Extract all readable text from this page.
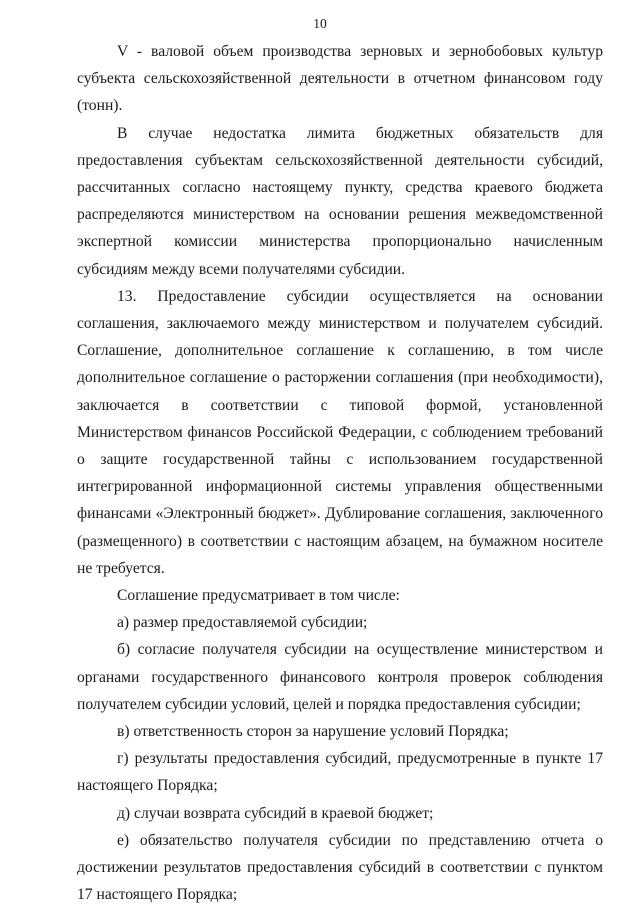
10

V - валовой объем производства зерновых и зернобобовых культур субъекта сельскохозяйственной деятельности в отчетном финансовом году (тонн).

В случае недостатка лимита бюджетных обязательств для предоставления субъектам сельскохозяйственной деятельности субсидий, рассчитанных согласно настоящему пункту, средства краевого бюджета распределяются министерством на основании решения межведомственной экспертной комиссии министерства пропорционально начисленным субсидиям между всеми получателями субсидии.

13. Предоставление субсидии осуществляется на основании соглашения, заключаемого между министерством и получателем субсидий. Соглашение, дополнительное соглашение к соглашению, в том числе дополнительное соглашение о расторжении соглашения (при необходимости), заключается в соответствии с типовой формой, установленной Министерством финансов Российской Федерации, с соблюдением требований о защите государственной тайны с использованием государственной интегрированной информационной системы управления общественными финансами «Электронный бюджет». Дублирование соглашения, заключенного (размещенного) в соответствии с настоящим абзацем, на бумажном носителе не требуется.

Соглашение предусматривает в том числе:

а) размер предоставляемой субсидии;

б) согласие получателя субсидии на осуществление министерством и органами государственного финансового контроля проверок соблюдения получателем субсидии условий, целей и порядка предоставления субсидии;

в) ответственность сторон за нарушение условий Порядка;

г) результаты предоставления субсидий, предусмотренные в пункте 17 настоящего Порядка;

д) случаи возврата субсидий в краевой бюджет;

е) обязательство получателя субсидии по представлению отчета о достижении результатов предоставления субсидий в соответствии с пунктом 17 настоящего Порядка;
